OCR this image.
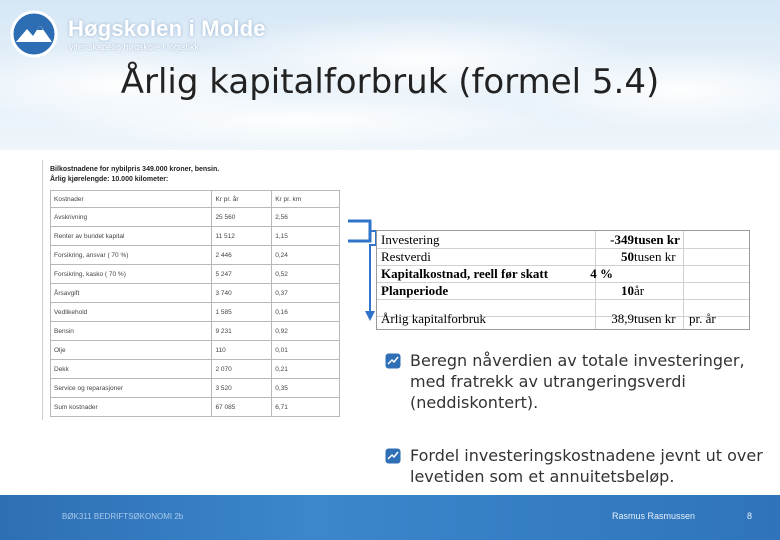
Høgskolen i Molde
vitenskapelig høgskole i logistikk
Årlig kapitalforbruk (formel 5.4)
Bilkostnadene for nybilpris 349.000 kroner, bensin.
Årlig kjørelengde: 10.000 kilometer:
Kostnader	Kr pr. år	Kr pr. km
Avskrivning	25 560	2,56
Renter av bundet kapital	11 512	1,15
Forsikring, ansvar ( 70 %)	2 446	0,24
Forsikring, kasko ( 70 %)	5 247	0,52
Årsavgift	3 740	0,37
Vedlikehold	1 585	0,16
Bensin	9 231	0,92
Olje	110	0,01
Dekk	2 070	0,21
Service og reparasjoner	3 520	0,35
Sum kostnader	67 085	6,71
Investering	-349 tusen kr
Restverdi	50 tusen kr
Kapitalkostnad, reell før skatt	4 %
Planperiode	10 år
Årlig kapitalforbruk	38,9 tusen kr pr. år
Beregn nåverdien av totale investeringer, med fratrekk av utrangeringsverdi (neddiskontert).
Fordel investeringskostnadene jevnt ut over levetiden som et annuitetsbeløp.
BØK311 BEDRIFTSØKONOMI 2b	Rasmus Rasmussen	8
